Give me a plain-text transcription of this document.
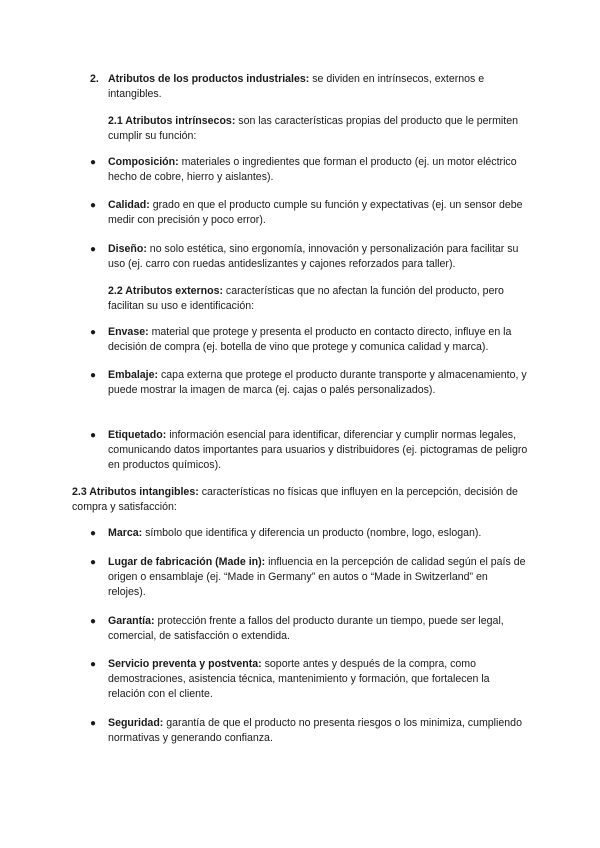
2. Atributos de los productos industriales: se dividen en intrínsecos, externos e intangibles.

2.1 Atributos intrínsecos: son las características propias del producto que le permiten cumplir su función:

● Composición: materiales o ingredientes que forman el producto (ej. un motor eléctrico hecho de cobre, hierro y aislantes).
● Calidad: grado en que el producto cumple su función y expectativas (ej. un sensor debe medir con precisión y poco error).
● Diseño: no solo estética, sino ergonomía, innovación y personalización para facilitar su uso (ej. carro con ruedas antideslizantes y cajones reforzados para taller).

2.2 Atributos externos: características que no afectan la función del producto, pero facilitan su uso e identificación:

● Envase: material que protege y presenta el producto en contacto directo, influye en la decisión de compra (ej. botella de vino que protege y comunica calidad y marca).
● Embalaje: capa externa que protege el producto durante transporte y almacenamiento, y puede mostrar la imagen de marca (ej. cajas o palés personalizados).
● Etiquetado: información esencial para identificar, diferenciar y cumplir normas legales, comunicando datos importantes para usuarios y distribuidores (ej. pictogramas de peligro en productos químicos).

2.3 Atributos intangibles: características no físicas que influyen en la percepción, decisión de compra y satisfacción:

● Marca: símbolo que identifica y diferencia un producto (nombre, logo, eslogan).
● Lugar de fabricación (Made in): influencia en la percepción de calidad según el país de origen o ensamblaje (ej. “Made in Germany” en autos o “Made in Switzerland” en relojes).
● Garantía: protección frente a fallos del producto durante un tiempo, puede ser legal, comercial, de satisfacción o extendida.
● Servicio preventa y postventa: soporte antes y después de la compra, como demostraciones, asistencia técnica, mantenimiento y formación, que fortalecen la relación con el cliente.
● Seguridad: garantía de que el producto no presenta riesgos o los minimiza, cumpliendo normativas y generando confianza.
